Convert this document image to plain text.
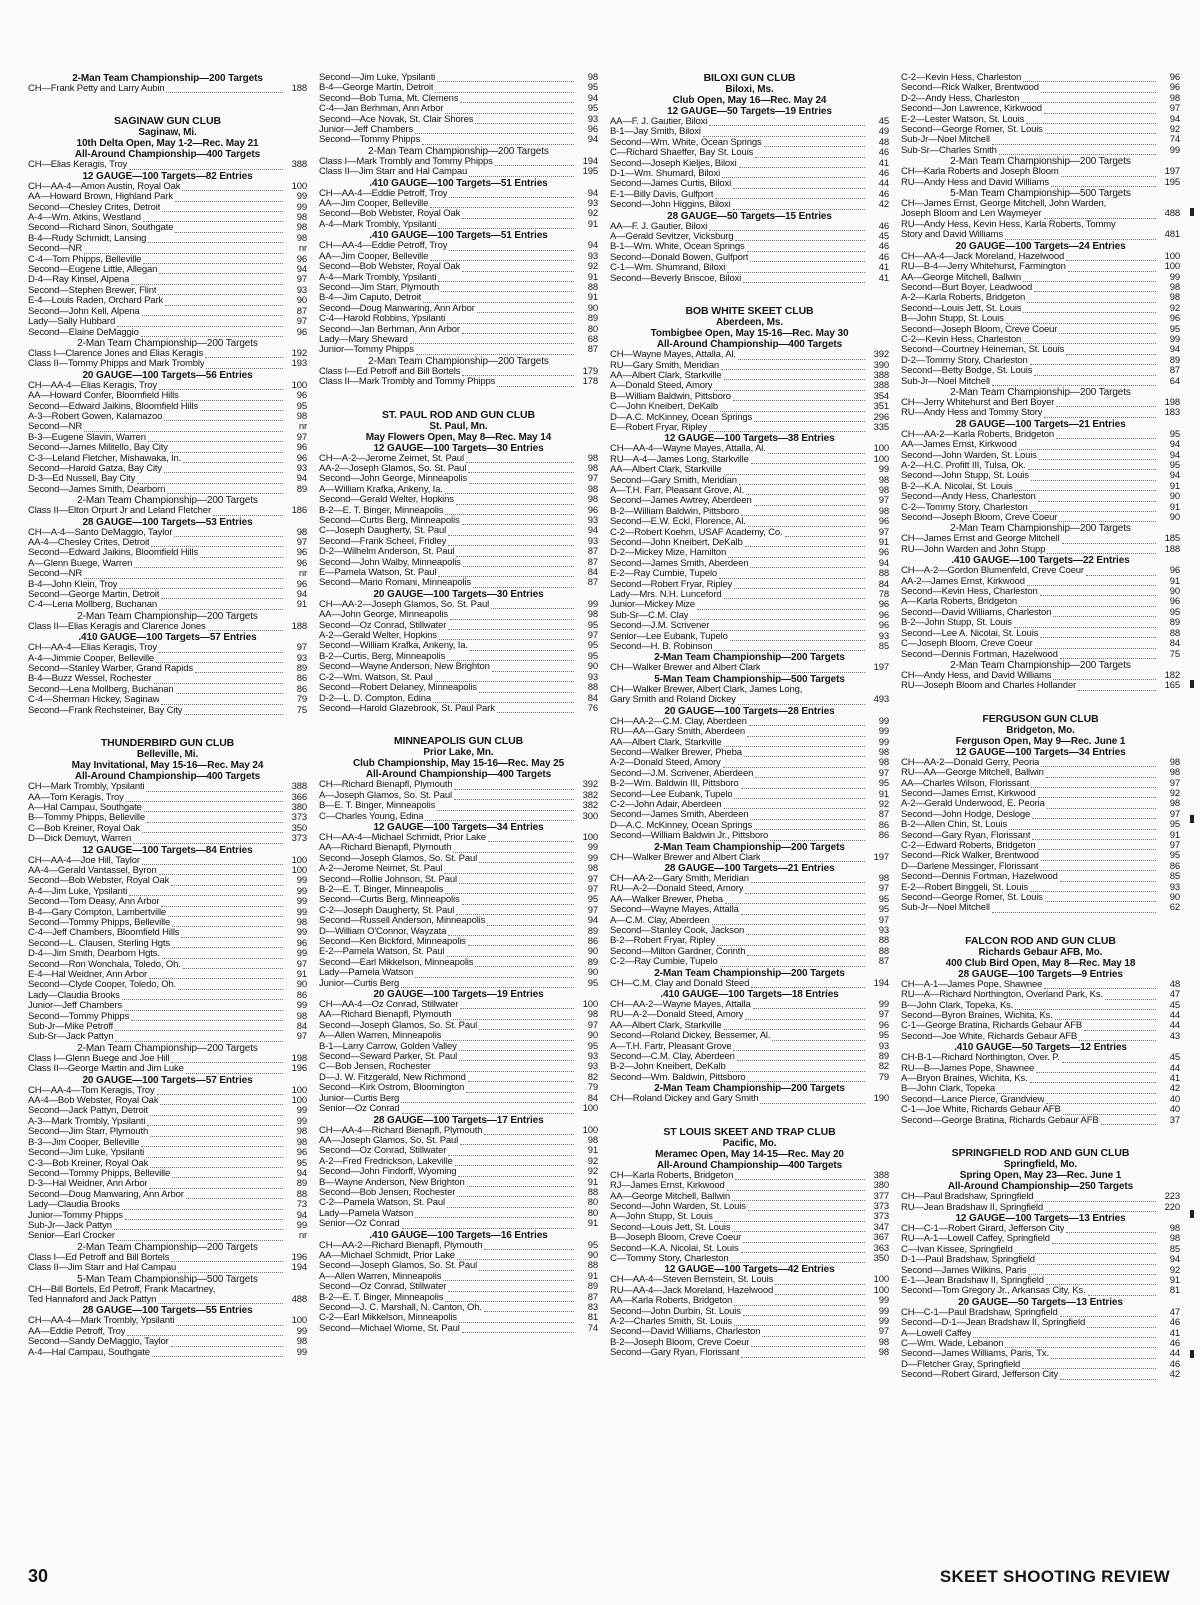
2-Man Team Championship—200 Targets
CH—Frank Petty and Larry Aubin	188
SAGINAW GUN CLUB
Saginaw, Mi.
10th Delta Open, May 1-2—Rec. May 21
All-Around Championship—400 Targets
CH—Elias Keragis, Troy	388
12 GAUGE—100 Targets—82 Entries
CH—AA-4—Amon Austin, Royal Oak	100
AA—Howard Brown, Highland Park	99
Second—Chesley Crites, Detroit	99
A-4—Wm. Atkins, Westland	98
Second—Richard Sinon, Southgate	98
B-4—Rudy Schmidt, Lansing	98
Second—NR	nr
C-4—Tom Phipps, Belleville	96
Second—Eugene Little, Allegan	94
D-4—Ray Kinsel, Alpena	97
Second—Stephen Brewer, Flint	93
E-4—Louis Raden, Orchard Park	90
Second—John Kell, Alpena	87
Lady—Sally Hubbard	97
Second—Elaine DeMaggio	96
2-Man Team Championship—200 Targets
Class I—Clarence Jones and Elias Keragis	192
Class II—Tommy Phipps and Mark Trombly	193
20 GAUGE—100 Targets—56 Entries
CH—AA-4—Elias Keragis, Troy	100
AA—Howard Confer, Bloomfield Hills	96
Second—Edward Jaikins, Bloomfield Hills	95
A-3—Robert Gowen, Kalamazoo	98
Second—NR	nr
B-3—Eugene Slavin, Warren	97
Second—James Militello, Bay City	96
C-3—Leland Fletcher, Mishawaka, In.	96
Second—Harold Gatza, Bay City	93
D-3—Ed Nussell, Bay City	94
Second—James Smith, Dearborn	89
2-Man Team Championship—200 Targets
Class II—Elton Orpurt Jr and Leland Fletcher	186
28 GAUGE—100 Targets—53 Entries
CH—A-4—Santo DeMaggio, Taylor	98
AA-4—Chesley Crites, Detroit	97
Second—Edward Jaikins, Bloomfield Hills	96
A—Glenn Buege, Warren	96
Second—NR	nr
B-4—John Klein, Troy	96
Second—George Martin, Detroit	94
C-4—Lena Mollberg, Buchanan	91
2-Man Team Championship—200 Targets
Class II—Elias Keragis and Clarence Jones	188
.410 GAUGE—100 Targets—57 Entries
CH—AA-4—Elias Keragis, Troy	97
A-4—Jimmie Cooper, Belleville	93
Second—Stanley Warber, Grand Rapids	89
B-4—Buzz Wessel, Rochester	86
Second—Lena Mollberg, Buchanan	86
C-4—Sherman Hickey, Saginaw	79
Second—Frank Rechsteiner, Bay City	75
THUNDERBIRD GUN CLUB
Belleville, Mi.
May Invitational, May 15-16—Rec. May 24
All-Around Championship—400 Targets
CH—Mark Trombly, Ypsilanti	388
AA—Tom Keragis, Troy	366
A—Hal Campau, Southgate	380
B—Tommy Phipps, Belleville	373
C—Bob Kreiner, Royal Oak	350
D—Dick Demuyt, Warren	373
12 GAUGE—100 Targets—84 Entries
CH—AA-4—Joe Hill, Taylor	100
AA-4—Gerald Vantassel, Byron	100
Second—Bob Webster, Royal Oak	99
A-4—Jim Luke, Ypsilanti	99
Second—Tom Deasy, Ann Arbor	99
B-4—Gary Compton, Lambertville	99
Second—Tommy Phipps, Belleville	98
C-4—Jeff Chambers, Bloomfield Hills	99
Second—L. Clausen, Sterling Hgts	96
D-4—Jim Smith, Dearborn Hgts.	99
Second—Ron Wonchala, Toledo, Oh.	97
E-4—Hal Weidner, Ann Arbor	91
Second—Clyde Cooper, Toledo, Oh.	90
Lady—Claudia Brooks	86
Junior—Jeff Chambers	99
Second—Tommy Phipps	98
Sub-Jr—Mike Petroff	84
Sub-Sr—Jack Pattyn	97
2-Man Team Championship—200 Targets
Class I—Glenn Buege and Joe Hill	198
Class II—George Martin and Jim Luke	196
20 GAUGE—100 Targets—57 Entries
CH—AA-4—Tom Keragis, Troy	100
AA-4—Bob Webster, Royal Oak	100
Second—Jack Pattyn, Detroit	99
A-3—Mark Trombly, Ypsilanti	99
Second—Jim Starr, Plymouth	98
B-3—Jim Cooper, Belleville	98
Second—Jim Luke, Ypsilanti	96
C-3—Bob Kreiner, Royal Oak	95
Second—Tommy Phipps, Belleville	94
D-3—Hal Weidner, Ann Arbor	89
Second—Doug Manwaring, Ann Arbor	88
Lady—Claudia Brooks	73
Junior—Tommy Phipps	94
Sub-Jr—Jack Pattyn	99
Senior—Earl Crocker	nr
2-Man Team Championship—200 Targets
Class I—Ed Petroff and Bill Bortels	196
Class II—Jim Starr and Hal Campau	194
5-Man Team Championship—500 Targets
CH—Bill Bortels, Ed Petroff, Frank Macartney,
Ted Hannaford and Jack Pattyn	488
28 GAUGE—100 Targets—55 Entries
CH—AA-4—Mark Trombly, Ypsilanti	100
AA—Eddie Petroff, Troy	99
Second—Sandy DeMaggio, Taylor	98
A-4—Hal Campau, Southgate	99
Second—Jim Luke, Ypsilanti	98
B-4—George Martin, Detroit	95
Second—Bob Tuma, Mt. Clemens	94
C-4—Jan Berhman, Ann Arbor	95
Second—Ace Novak, St. Clair Shores	93
Junior—Jeff Chambers	96
Second—Tommy Phipps	94
2-Man Team Championship—200 Targets
Class I—Mark Trombly and Tommy Phipps	194
Class II—Jim Starr and Hal Campau	195
.410 GAUGE—100 Targets—51 Entries
CH—AA-4—Eddie Petroff, Troy	94
AA—Jim Cooper, Belleville	93
Second—Bob Webster, Royal Oak	92
A-4—Mark Trombly, Ypsilanti	91
.410 GAUGE—100 Targets—51 Entries
CH—AA-4—Eddie Petroff, Troy	94
AA—Jim Cooper, Belleville	93
Second—Bob Webster, Royal Oak	92
A-4—Mark Trombly, Ypsilanti	91
Second—Jim Starr, Plymouth	88
B-4—Jim Caputo, Detroit	91
Second—Doug Manwaring, Ann Arbor	90
C-4—Harold Robbins, Ypsilanti	89
Second—Jan Berhman, Ann Arbor	80
Lady—Mary Sheward	68
Junior—Tommy Phipps	87
2-Man Team Championship—200 Targets
Class I—Ed Petroff and Bill Bortels	179
Class II—Mark Trombly and Tommy Phipps	178
ST. PAUL ROD AND GUN CLUB
St. Paul, Mn.
May Flowers Open, May 8—Rec. May 14
12 GAUGE—100 Targets—30 Entries
CH—A-2—Jerome Zeimet, St. Paul	98
AA-2—Joseph Glamos, So. St. Paul	98
Second—John George, Minneapolis	97
A—William Krafka, Ankeny, Ia.	98
Second—Gerald Welter, Hopkins	98
B-2—E. T. Binger, Minneapolis	96
Second—Curtis Berg, Minneapolis	93
C—Joseph Daugherty, St. Paul	94
Second—Frank Scheel, Fridley	93
D-2—Wilhelm Anderson, St. Paul	87
Second—John Walby, Minneapolis	87
E—Pamela Watson, St. Paul	84
Second—Mario Romani, Minneapolis	87
20 GAUGE—100 Targets—30 Entries
CH—AA-2—Joseph Glamos, So. St. Paul	99
AA—John George, Minneapolis	98
Second—Oz Conrad, Stillwater	95
A-2—Gerald Welter, Hopkins	97
Second—William Krafka, Ankeny, Ia.	95
B-2—Curtis, Berg, Minneapolis	95
Second—Wayne Anderson, New Brighton	90
C-2—Wm. Watson, St. Paul	93
Second—Robert Delaney, Minneapolis	88
D-2—L. D. Compton, Edina	84
Second—Harold Glazebrook, St. Paul Park	76
MINNEAPOLIS GUN CLUB
Prior Lake, Mn.
Club Championship, May 15-16—Rec. May 25
All-Around Championship—400 Targets
CH—Richard Bienapfl, Plymouth	392
A—Joseph Glamos, So. St. Paul	382
B—E. T. Binger, Minneapolis	382
C—Charles Young, Edina	300
12 GAUGE—100 Targets—34 Entries
CH—AA-4—Michael Schmidt, Prior Lake	100
AA—Richard Bienapfl, Plymouth	99
Second—Joseph Glamos, So. St. Paul	99
A-2—Jerome Neimet, St. Paul	98
Second—Rollie Johnson, St. Paul	97
B-2—E. T. Binger, Minneapolis	97
Second—Curtis Berg, Minneapolis	95
C-2—Joseph Daugherty, St. Paul	97
Second—Russell Anderson, Minneapolis	94
D—William O'Connor, Wayzata	89
Second—Ken Bickford, Minneapolis	86
E-2—Pamela Watson, St. Paul	90
Second—Earl Mikkelson, Minneapolis	89
Lady—Pamela Watson	90
Junior—Curtis Berg	95
20 GAUGE—100 Targets—19 Entries
CH—AA-4—Oz Conrad, Stillwater	100
AA—Richard Bienapfl, Plymouth	98
Second—Joseph Glamos, So. St. Paul	97
A—Allen Warren, Minneapolis	90
B-1—Larry Carrow, Golden Valley	95
Second—Seward Parker, St. Paul	93
C—Bob Jensen, Rochester	93
D—J. W. Fitzgerald, New Richmond	82
Second—Kirk Ostrom, Bloomington	79
Junior—Curtis Berg	84
Senior—Oz Conrad	100
28 GAUGE—100 Targets—17 Entries
CH—AA-4—Richard Bienapfl, Plymouth	100
AA—Joseph Glamos, So. St. Paul	98
Second—Oz Conrad, Stillwater	91
A-2—Fred Fredrickson, Lakeville	92
Second—John Findorff, Wyoming	92
B—Wayne Anderson, New Brighton	91
Second—Bob Jensen, Rochester	88
C-2—Pamela Watson, St. Paul	80
Lady—Pamela Watson	80
Senior—Oz Conrad	91
.410 GAUGE—100 Targets—16 Entries
CH—AA-2—Richard Bienapfl, Plymouth	95
AA—Michael Schmidt, Prior Lake	90
Second—Joseph Glamos, So. St. Paul	88
A—Allen Warren, Minneapolis	91
Second—Oz Conrad, Stillwater	89
B-2—E. T. Binger, Minneapolis	87
Second—J. C. Marshall, N. Canton, Oh.	83
C-2—Earl Mikkelson, Minneapolis	81
Second—Michael Wiome, St. Paul	74
BILOXI GUN CLUB
Biloxi, Ms.
Club Open, May 16—Rec. May 24
12 GAUGE—50 Targets—19 Entries
AA—F. J. Gautier, Biloxi	45
B-1—Jay Smith, Biloxi	49
Second—Wm. White, Ocean Springs	48
C—Richard Shaeffer, Bay St. Louis	46
Second—Joseph Kieljes, Biloxi	41
D-1—Wm. Shumard, Biloxi	46
Second—James Curtis, Biloxi	44
E-1—Billy Davis, Gulfport	46
Second—John Higgins, Biloxi	42
28 GAUGE—50 Targets—15 Entries
AA—F. J. Gautier, Biloxi	46
A—Gerald Sevitzer, Vicksburg	45
B-1—Wm. White, Ocean Springs	46
Second—Donald Bowen, Gulfport	46
C-1—Wm. Shumrand, Biloxi	41
Second—Beverly Briscoe, Biloxi	41
BOB WHITE SKEET CLUB
Aberdeen, Ms.
Tombigbee Open, May 15-16—Rec. May 30
All-Around Championship—400 Targets
CH—Wayne Mayes, Attalla, Al.	392
RU—Gary Smith, Meridian	390
AA—Albert Clark, Starkville	388
A—Donald Steed, Amory	388
B—William Baldwin, Pittsboro	354
C—John Kneibert, DeKalb	351
D—A.C. McKinney, Ocean Springs	296
E—Robert Fryar, Ripley	335
12 GAUGE—100 Targets—38 Entries
CH—AA-4—Wayne Mayes, Attalla, Al.	100
RU—A-4—James Long, Starkville	100
AA—Albert Clark, Starkville	99
Second—Gary Smith, Meridian	98
A—T.H. Farr, Pleasant Grove, Al.	98
Second—James Awtrey, Aberdeen	97
B-2—William Baldwin, Pittsboro	98
Second—E.W. Eckl, Florence, Al.	96
C-2—Robert Koehm, USAF Academy, Co.	97
Second—John Kneibert, DeKalb	91
D-2—Mickey Mize, Hamilton	96
Second—James Smith, Aberdeen	94
E-2—Ray Cumbie, Tupelo	88
Second—Robert Fryar, Ripley	84
Lady—Mrs. N.H. Lunceford	78
Junior—Mickey Mize	96
Sub-Sr—C.M. Clay	96
Second—J.M. Scrivener	96
Senior—Lee Eubank, Tupelo	93
Second—H. B. Robinson	85
2-Man Team Championship—200 Targets
CH—Walker Brewer and Albert Clark	197
5-Man Team Championship—500 Targets
CH—Walker Brewer, Albert Clark, James Long,
Gary Smith and Roland Dickey	493
20 GAUGE—100 Targets—28 Entries
CH—AA-2—C.M. Clay, Aberdeen	99
RU—AA—Gary Smith, Aberdeen	99
AA—Albert Clark, Starkville	99
Second—Walker Brewer, Pheba	98
A-2—Donald Steed, Amory	98
Second—J.M. Scrivener, Aberdeen	97
B-2—Wm. Baldwin III, Pittsboro	95
Second—Lee Eubank, Tupelo	91
C-2—John Adair, Aberdeen	92
Second—James Smith, Aberdeen	87
D—A.C. McKinney, Ocean Springs	86
Second—William Baldwin Jr., Pittsboro	86
2-Man Team Championship—200 Targets
CH—Walker Brewer and Albert Clark	197
28 GAUGE—100 Targets—21 Entries
CH—AA-2—Gary Smith, Meridian	98
RU—A-2—Donald Steed, Amory	97
AA—Walker Brewer, Pheba	95
Second—Wayne Mayes, Attalla	95
A—C.M. Clay, Aberdeen	97
Second—Stanley Cook, Jackson	93
B-2—Robert Fryar, Ripley	88
Second—Milton Gardner, Corinth	88
C-2—Ray Cumbie, Tupelo	87
2-Man Team Championship—200 Targets
CH—C.M. Clay and Donald Steed	194
.410 GAUGE—100 Targets—18 Entries
CH—AA-2—Wayne Mayes, Attalla	99
RU—A-2—Donald Steed, Amory	97
AA—Albert Clark, Starkville	96
Second—Roland Dickey, Bessemer, Al.	95
A—T.H. Fartr, Pleasant Grove	93
Second—C.M. Clay, Aberdeen	89
B-2—John Kneibert, DeKalb	82
Second—Wm. Baldwin, Pittsboro	79
2-Man Team Championship—200 Targets
CH—Roland Dickey and Gary Smith	190
ST LOUIS SKEET AND TRAP CLUB
Pacific, Mo.
Meramec Open, May 14-15—Rec. May 20
All-Around Championship—400 Targets
CH—Karla Roberts, Bridgeton	388
RJ—James Ernst, Kirkwood	380
AA—George Mitchell, Ballwin	377
Second—John Warden, St. Louis	373
A—John Stupp, St. Louis	373
Second—Louis Jett, St. Louis	347
B—Joseph Bloom, Creve Coeur	367
Second—K.A. Nicolai, St. Louis	363
C—Tommy Story, Charleston	350
12 GAUGE—100 Targets—42 Entries
CH—AA-4—Steven Bernstein, St. Louis	100
RU—AA-4—Jack Moreland, Hazelwood	100
AA—Karla Roberts, Bridgeton	99
Second—John Durbin, St. Louis	99
A-2—Charles Smith, St. Louis	99
Second—David Williams, Charleston	97
B-2—Joseph Bloom, Creve Coeur	98
Second—Gary Ryan, Florissant	98
C-2—Kevin Hess, Charleston	96
Second—Rick Walker, Brentwood	96
D-2—Andy Hess, Charleston	98
Second—Jon Lawrence, Kirkwood	97
E-2—Lester Watson, St. Louis	94
Second—George Romer, St. Louis	92
Sub-Jr—Noel Mitchell	74
Sub-Sr—Charles Smith	99
2-Man Team Championship—200 Targets
CH—Karla Roberts and Joseph Bloom	197
RU—Andy Hess and David Williams	195
5-Man Team Championship—500 Targets
CH—James Ernst, George Mitchell, John Warden,
Joseph Bloom and Len Waymeyer	488
RU—Andy Hess, Kevin Hess, Karla Roberts, Tommy
Story and David Williams	481
20 GAUGE—100 Targets—24 Entries
CH—AA-4—Jack Moreland, Hazelwood	100
RU—B-4—Jerry Whitehurst, Farmington	100
AA—George Mitchell, Ballwin	99
Second—Burt Boyer, Leadwood	98
A-2—Karla Roberts, Bridgeton	98
Second—Louis Jett, St. Louis	92
B—John Stupp, St. Louis	96
Second—Joseph Bloom, Creve Coeur	95
C-2—Kevin Hess, Charleston	99
Second—Courtney Heineman, St. Louis	94
D-2—Tommy Story, Charleston	89
Second—Betty Bodge, St. Louis	87
Sub-Jr—Noel Mitchell	64
2-Man Team Championship—200 Targets
CH—Jerry Whitehurst and Bert Boyer	198
RU—Andy Hess and Tommy Story	183
28 GAUGE—100 Targets—21 Entries
CH—AA-2—Karla Roberts, Bridgeton	95
AA—James Ernst, Kirkwood	94
Second—John Warden, St. Louis	94
A-2—H.C. Profitt III, Tulsa, Ok.	95
Second—John Stupp, St. Louis	94
B-2—K.A. Nicolai, St. Louis	91
Second—Andy Hess, Charleston	90
C-2—Tommy Story, Charleston	91
Second—Joseph Bloom, Creve Coeur	90
2-Man Team Championship—200 Targets
CH—James Ernst and George Mitchell	185
RU—John Warden and John Stupp	188
.410 GAUGE—100 Targets—22 Entries
CH—A-2—Gordon Blumenfeld, Creve Coeur	96
AA-2—James Ernst, Kirkwood	91
Second—Kevin Hess, Charleston	90
A—Karla Roberts, Bridgeton	96
Second—David Williams, Charleston	95
B-2—John Stupp, St. Louis	89
Second—Lee A. Nicolai, St. Louis	88
C—Joseph Bloom, Creve Coeur	84
Second—Dennis Fortman, Hazelwood	75
2-Man Team Championship—200 Targets
CH—Andy Hess, and David Williams	182
RU—Joseph Bloom and Charles Hollander	165
FERGUSON GUN CLUB
Bridgeton, Mo.
Ferguson Open, May 9—Rec. June 1
12 GAUGE—100 Targets—34 Entries
CH—AA-2—Donald Gerry, Peoria	98
RU—AA—George Mitchell, Ballwin	98
AA—Charles Wilson, Florissant	97
Second—James Ernst, Kirkwood	92
A-2—Gerald Underwood, E. Peoria	98
Second—John Hodge, Desloge	97
B-2—Allen Chin, St. Louis	95
Second—Gary Ryan, Florissant	91
C-2—Edward Roberts, Bridgeton	97
Second—Rick Walker, Brentwood	95
D—Darlene Messinger, Florissant	86
Second—Dennis Fortman, Hazelwood	85
E-2—Robert Binggeli, St. Louis	93
Second—George Romer, St. Louis	90
Sub-Jr—Noel Mitchell	62
FALCON ROD AND GUN CLUB
Richards Gebaur AFB, Mo.
400 Club Bird Open, May 8—Rec. May 18
28 GAUGE—100 Targets—9 Entries
CH—A-1—James Pope, Shawnee	48
RU—A—Richard Northington, Overland Park, Ks.	47
B—John Clark, Topeka, Ks.	45
Second—Byron Braines, Wichita, Ks.	44
C-1—George Bratina, Richards Gebaur AFB	44
Second—Joe White, Richards Gebaur AFB	43
.410 GAUGE—50 Targets—12 Entries
CH-B-1—Richard Northington, Over. P.	45
RU—B—James Pope, Shawnee	44
A—Bryon Braines, Wichita, Ks.	41
B—John Clark, Topeka	42
Second—Lance Pierce, Grandview	40
C-1—Joe White, Richards Gebaur AFB	40
Second—George Bratina, Richards Gebaur AFB	37
SPRINGFIELD ROD AND GUN CLUB
Springfield, Mo.
Spring Open, May 23—Rec. June 1
All-Around Championship—250 Targets
CH—Paul Bradshaw, Springfield	223
RU—Jean Bradshaw II, Springfield	220
12 GAUGE—100 Targets—13 Entries
CH—C-1—Robert Girard, Jefferson City	98
RU—A-1—Lowell Caffey, Springfield	98
C—Ivan Kissee, Springfield	85
D-1—Paul Bradshaw, Springfield	94
Second—James Wilkins, Paris	92
E-1—Jean Bradshaw II, Springfield	91
Second—Tom Gregory Jr., Arkansas City, Ks.	81
20 GAUGE—50 Targets—13 Entries
CH—C-1—Paul Bradshaw, Springfield	47
Second—D-1—Jean Bradshaw II, Springfield	46
A—Lowell Caffey	41
C—Wm. Wade, Lebanon	46
Second—James Williams, Paris, Tx.	44
D—Fletcher Gray, Springfield	46
Second—Robert Girard, Jefferson City	42
30	SKEET SHOOTING REVIEW
